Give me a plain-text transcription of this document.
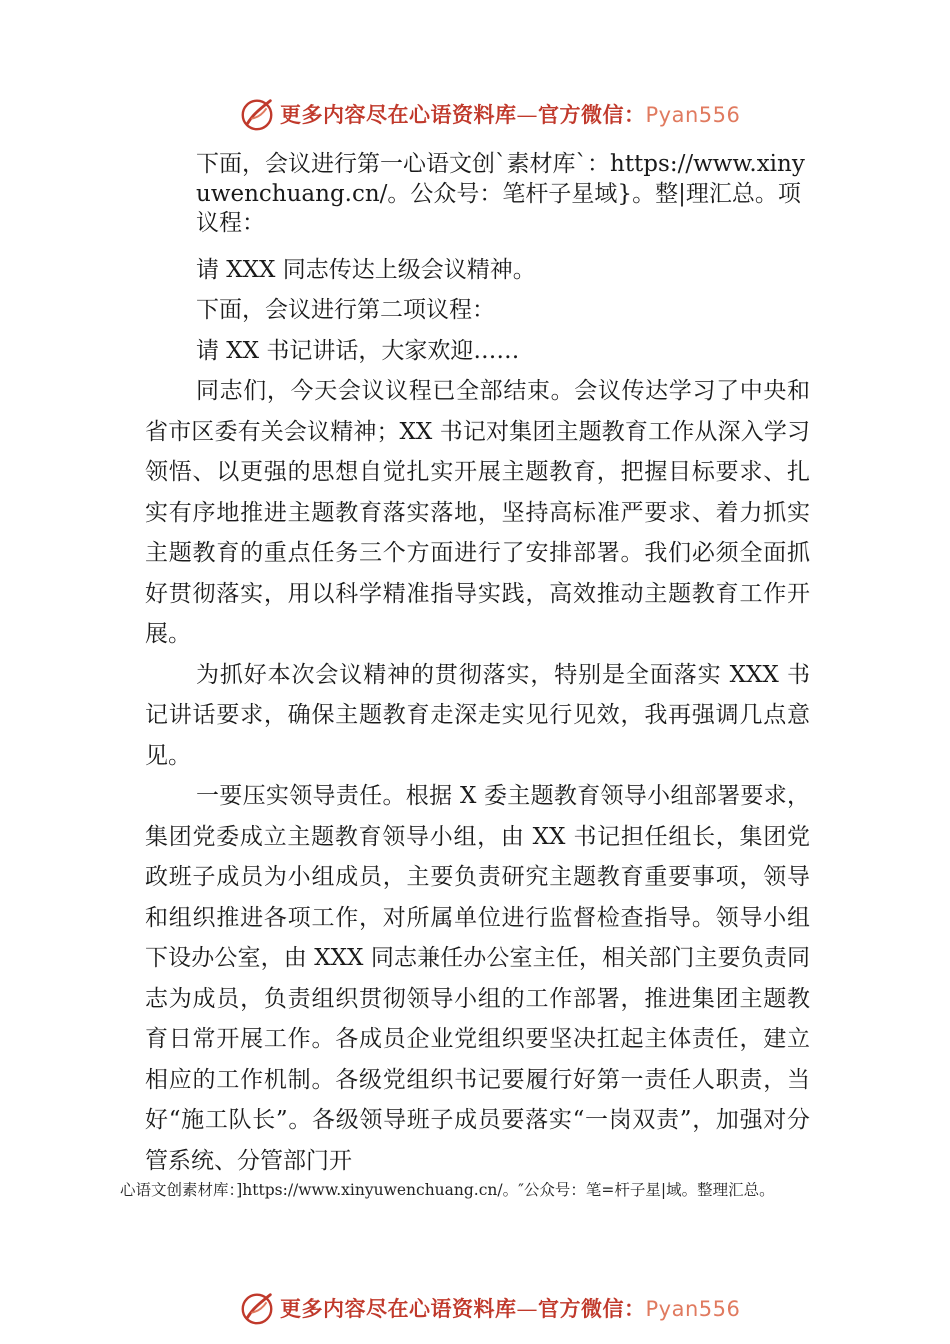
更多内容尽在心语资料库—官方微信：Pyan556
下面，会议进行第一心语文创`素材库`：https://www.xinyuwenchuang.cn/。公众号：笔杆子星域}。整|理汇总。项议程：

请 XXX 同志传达上级会议精神。

下面，会议进行第二项议程：

请 XX 书记讲话，大家欢迎……

同志们，今天会议议程已全部结束。会议传达学习了中央和省市区委有关会议精神；XX 书记对集团主题教育工作从深入学习领悟、以更强的思想自觉扎实开展主题教育，把握目标要求、扎实有序地推进主题教育落实落地，坚持高标准严要求、着力抓实主题教育的重点任务三个方面进行了安排部署。我们必须全面抓好贯彻落实，用以科学精准指导实践，高效推动主题教育工作开展。

为抓好本次会议精神的贯彻落实，特别是全面落实 XXX 书记讲话要求，确保主题教育走深走实见行见效，我再强调几点意见。

一要压实领导责任。根据 X 委主题教育领导小组部署要求，集团党委成立主题教育领导小组，由 XX 书记担任组长，集团党政班子成员为小组成员，主要负责研究主题教育重要事项，领导和组织推进各项工作，对所属单位进行监督检查指导。领导小组下设办公室，由 XXX 同志兼任办公室主任，相关部门主要负责同志为成员，负责组织贯彻领导小组的工作部署，推进集团主题教育日常开展工作。各成员企业党组织要坚决扛起主体责任，建立相应的工作机制。各级党组织书记要履行好第一责任人职责，当好“施工队长”。各级领导班子成员要落实“一岗双责”，加强对分管系统、分管部门开

心语文创素材库：]https://www.xinyuwenchuang.cn/。″公众号：笔=杆子星|域。整理汇总。
更多内容尽在心语资料库—官方微信：Pyan556
